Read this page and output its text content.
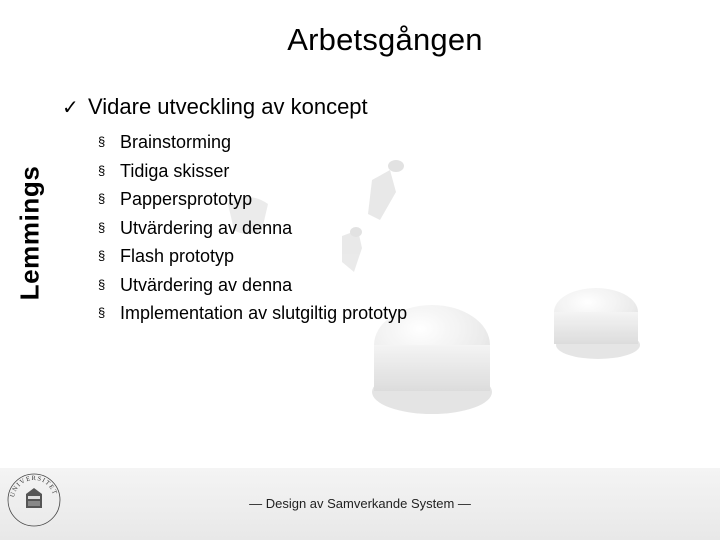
Arbetsgången
Lemmings
✓ Vidare utveckling av koncept
§ Brainstorming
§ Tidiga skisser
§ Pappersprototyp
§ Utvärdering av denna
§ Flash prototyp
§ Utvärdering av denna
§ Implementation av slutgiltig prototyp
UNIVERSITET
— Design av Samverkande System —
